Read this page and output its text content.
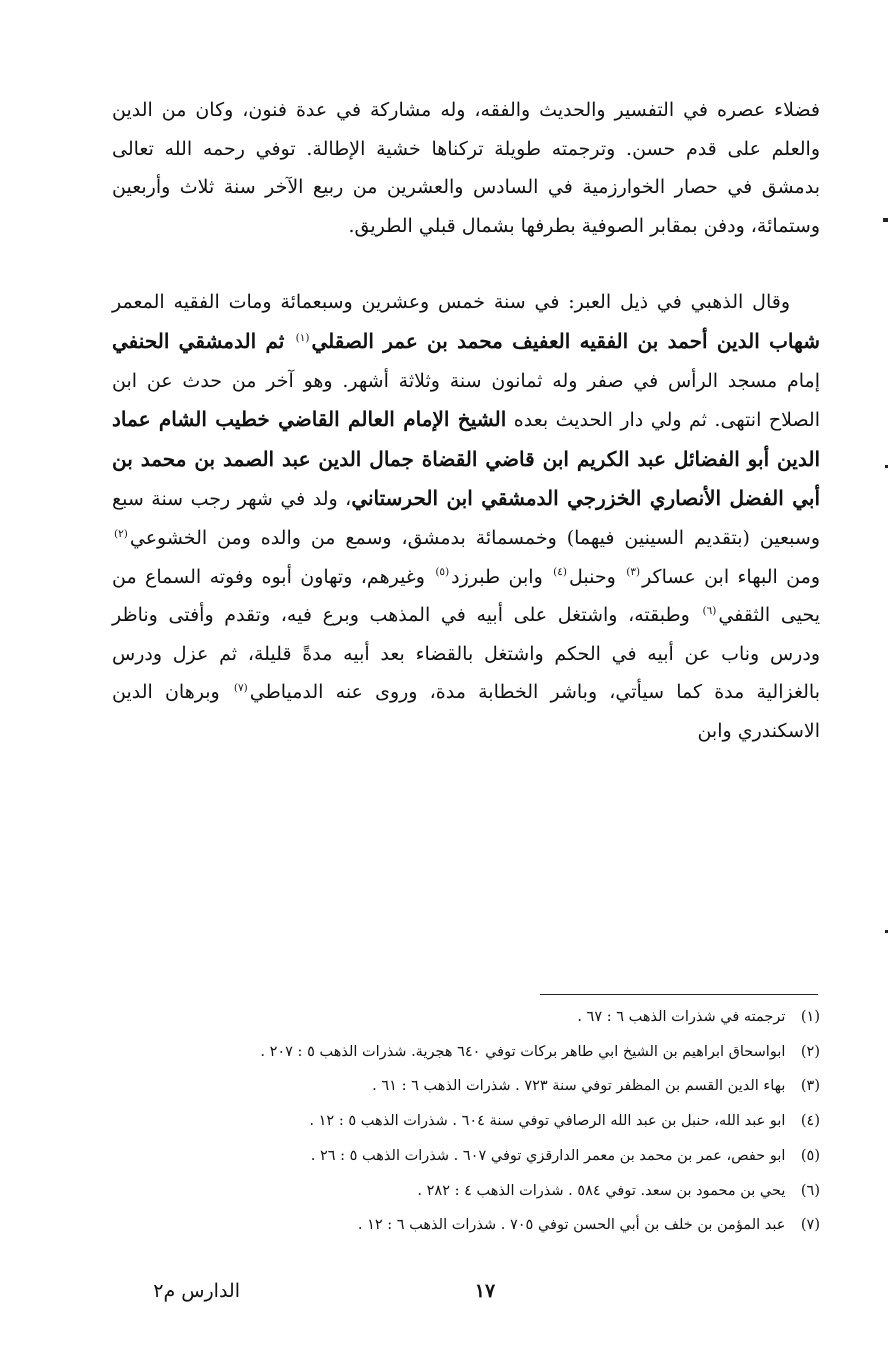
فضلاء عصره في التفسير والحديث والفقه، وله مشاركة في عدة فنون، وكان من الدين والعلم على قدم حسن. وترجمته طويلة تركناها خشية الإطالة. توفي رحمه الله تعالى بدمشق في حصار الخوارزمية في السادس والعشرين من ربيع الآخر سنة ثلاث وأربعين وستمائة، ودفن بمقابر الصوفية بطرفها بشمال قبلي الطريق.

وقال الذهبي في ذيل العبر: في سنة خمس وعشرين وسبعمائة ومات الفقيه المعمر شهاب الدين أحمد بن الفقيه العفيف محمد بن عمر الصقلي$^{(١)}$ ثم الدمشقي الحنفي إمام مسجد الرأس في صفر وله ثمانون سنة وثلاثة أشهر. وهو آخر من حدث عن ابن الصلاح انتهى. ثم ولي دار الحديث بعده الشيخ الإمام العالم القاضي خطيب الشام عماد الدين أبو الفضائل عبد الكريم ابن قاضي القضاة جمال الدين عبد الصمد بن محمد بن أبي الفضل الأنصاري الخزرجي الدمشقي ابن الحرستاني، ولد في شهر رجب سنة سبع وسبعين (بتقديم السينين فيهما) وخمسمائة بدمشق، وسمع من والده ومن الخشوعي$^{(٢)}$ ومن البهاء ابن عساكر$^{(٣)}$ وحنبل$^{(٤)}$ وابن طبرزد$^{(٥)}$ وغيرهم، وتهاون أبوه وفوته السماع من يحيى الثقفي$^{(٦)}$ وطبقته، واشتغل على أبيه في المذهب وبرع فيه، وتقدم وأفتى وناظر ودرس وناب عن أبيه في الحكم واشتغل بالقضاء بعد أبيه مدةً قليلة، ثم عزل ودرس بالغزالية مدة كما سيأتي، وباشر الخطابة مدة، وروى عنه الدمياطي$^{(٧)}$ وبرهان الدين الاسكندري وابن

(١) ترجمته في شذرات الذهب ٦ : ٦٧ .
(٢) ابواسحاق ابراهيم بن الشيخ ابي طاهر بركات توفي ٦٤٠ هجرية. شذرات الذهب ٥ : ٢٠٧ .
(٣) بهاء الدين القسم بن المظفر توفي سنة ٧٢٣ . شذرات الذهب ٦ : ٦١ .
(٤) ابو عبد الله، حنبل بن عبد الله الرصافي توفي سنة ٦٠٤ . شذرات الذهب ٥ : ١٢ .
(٥) ابو حفص، عمر بن محمد بن معمر الدارقزي توفي ٦٠٧ . شذرات الذهب ٥ : ٢٦ .
(٦) يحي بن محمود بن سعد. توفي ٥٨٤ . شذرات الذهب ٤ : ٢٨٢ .
(٧) عبد المؤمن بن خلف بن أبي الحسن توفي ٧٠٥ . شذرات الذهب ٦ : ١٢ .
١٧
الدارس م٢
